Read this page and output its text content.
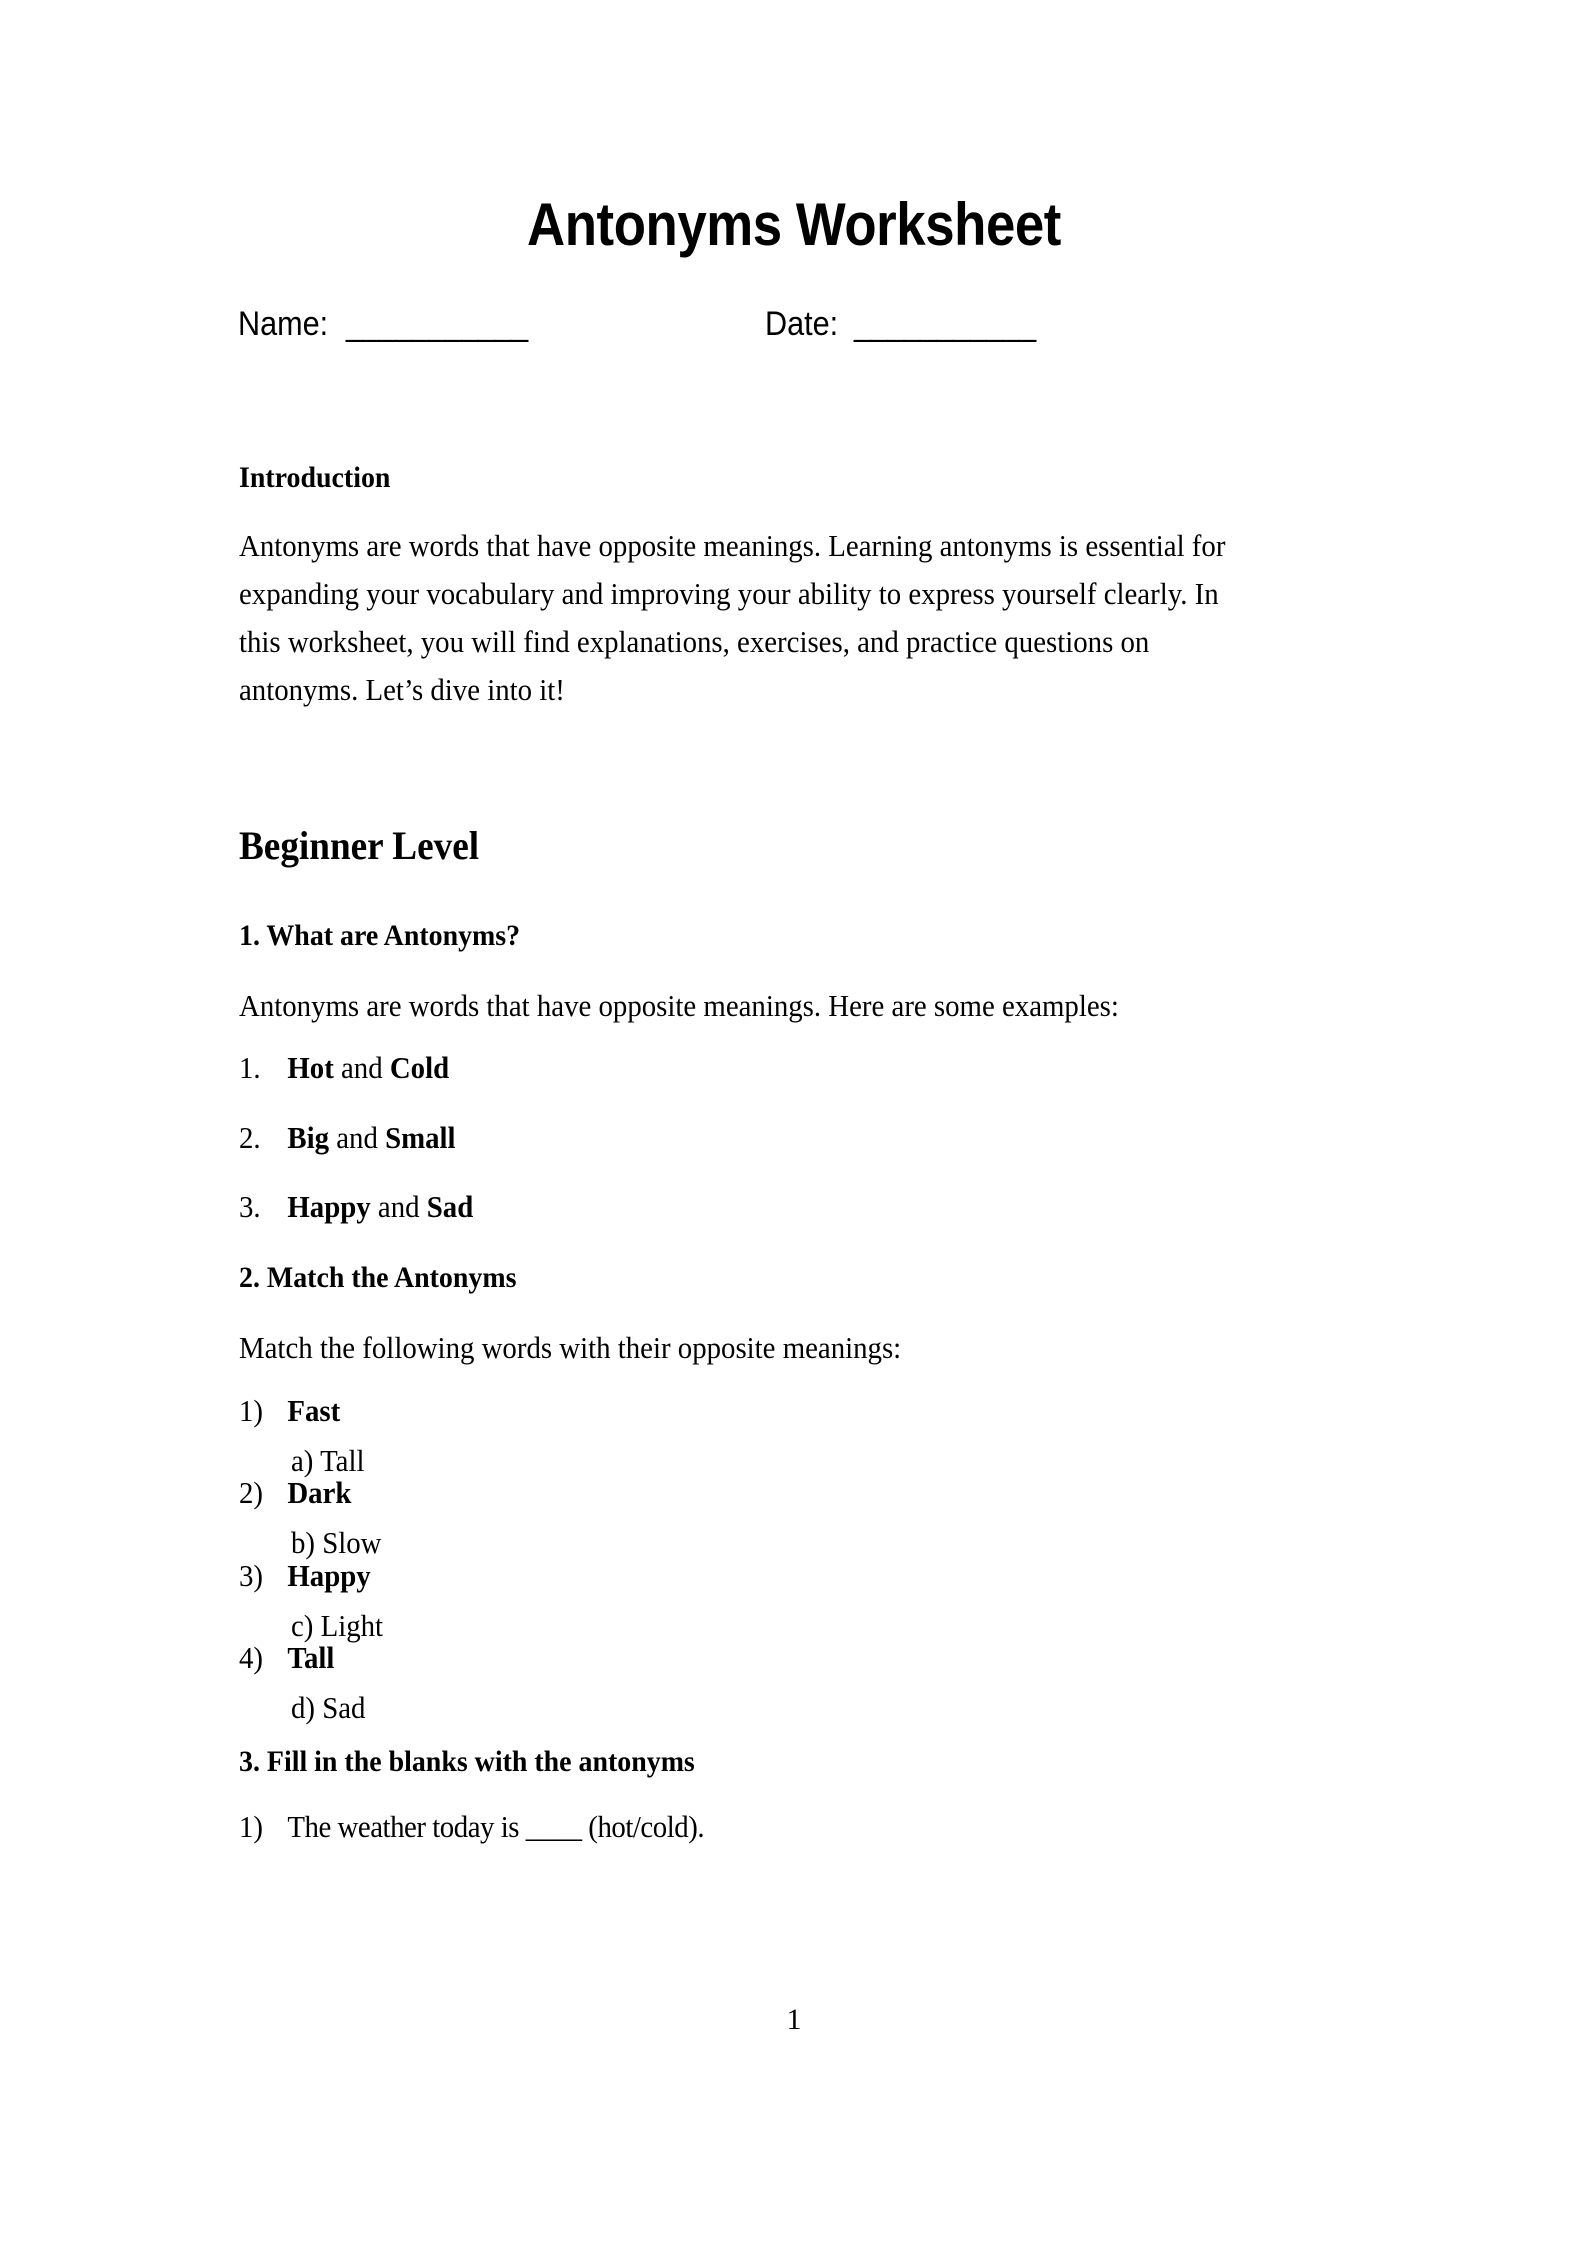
Antonyms Worksheet
Name: ___________	Date: ___________
Introduction
Antonyms are words that have opposite meanings. Learning antonyms is essential for expanding your vocabulary and improving your ability to express yourself clearly. In this worksheet, you will find explanations, exercises, and practice questions on antonyms. Let’s dive into it!
Beginner Level
1. What are Antonyms?
Antonyms are words that have opposite meanings. Here are some examples:
1. Hot and Cold
2. Big and Small
3. Happy and Sad
2. Match the Antonyms
Match the following words with their opposite meanings:
1) Fast
a) Tall
2) Dark
b) Slow
3) Happy
c) Light
4) Tall
d) Sad
3. Fill in the blanks with the antonyms
1) The weather today is ____ (hot/cold).
1
